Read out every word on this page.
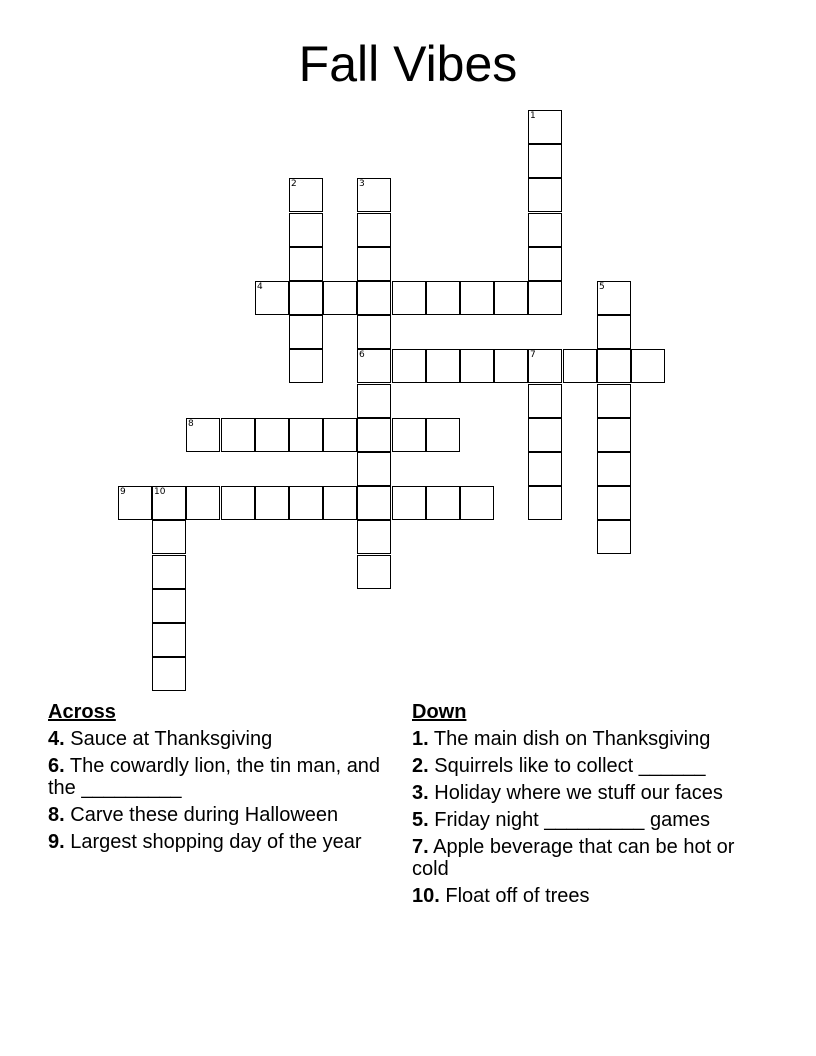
Fall Vibes
1
2	3
6
4	5
7
8
9	10
Across
4. Sauce at Thanksgiving
6. The cowardly lion, the tin man, and the _________
8. Carve these during Halloween
9. Largest shopping day of the year
Down
1. The main dish on Thanksgiving
2. Squirrels like to collect ______
3. Holiday where we stuff our faces
5. Friday night _________ games
7. Apple beverage that can be hot or cold
10. Float off of trees
